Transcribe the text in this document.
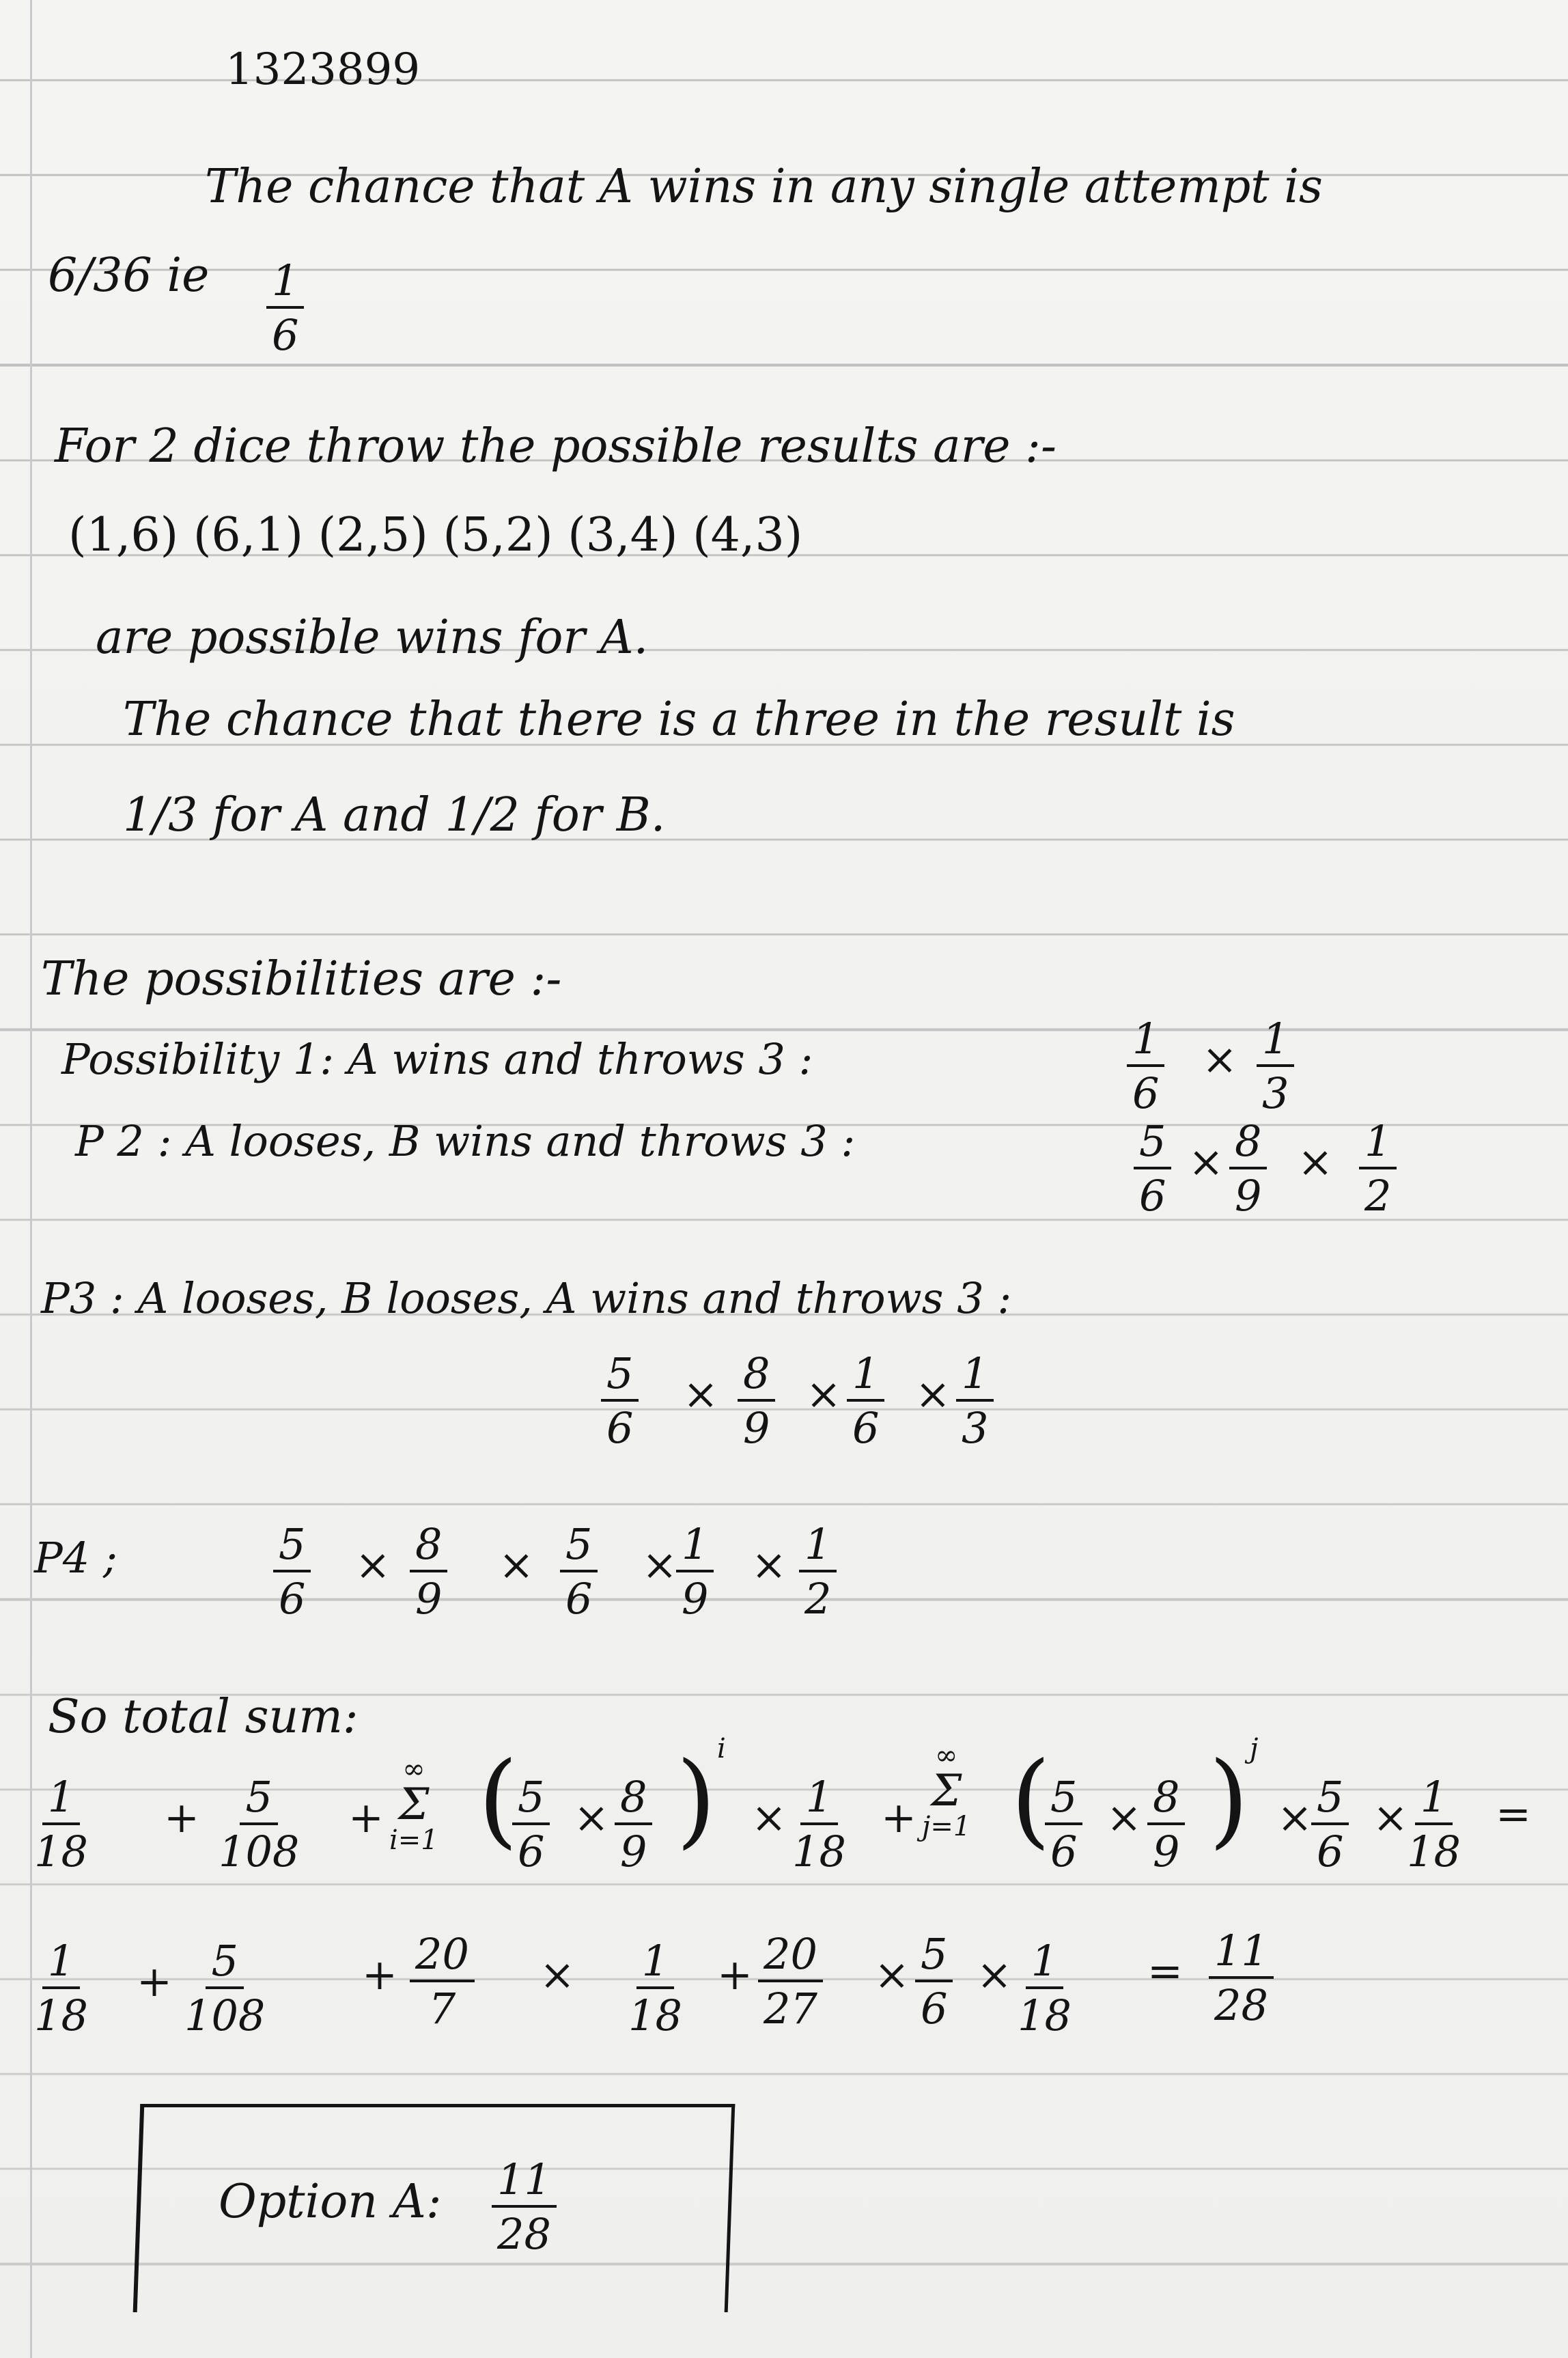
1323899
The chance that A wins in any single attempt is
6/36 ie $\frac{1}{6}$
For 2 dice throw the possible results are :-
(1,6) (6,1) (2,5) (5,2) (3,4) (4,3)
are possible wins for A.
The chance that there is a three in the result is
1/3 for A and 1/2 for B.
The possibilities are :-
Possibility 1: A wins and throws 3 :	$\frac{1}{6} \times \frac{1}{3}$
P 2 : A looses, B wins and throws 3 :	$\frac{5}{6} \times \frac{8}{9} \times \frac{1}{2}$
P3 : A looses, B looses, A wins and throws 3 :
$\frac{5}{6} \times \frac{8}{9} \times \frac{1}{6} \times \frac{1}{3}$
P4 ;	$\frac{5}{6} \times \frac{8}{9} \times \frac{5}{6}$ ×
$\frac{1}{9} \times \frac{1}{2}$
So total sum:
$\frac{1}{18} + \frac{5}{108}$ +
∞
Σ
i=1 (
$\frac{5}{6} \times \frac{8}{9}$ ) i
× $\frac{1}{18}$ +
∞
Σ
j=1 (
$\frac{5}{6} \times \frac{8}{9}$ ) j
×
$\frac{5}{6}$ ×
$\frac{1}{18}$ =
$\frac{1}{18} + \frac{5}{108} + \frac{20}{7} \times \frac{1}{18} + \frac{20}{27} \times \frac{5}{6} \times \frac{1}{18} = \frac{11}{28}$
Option A: $\frac{11}{28}$
